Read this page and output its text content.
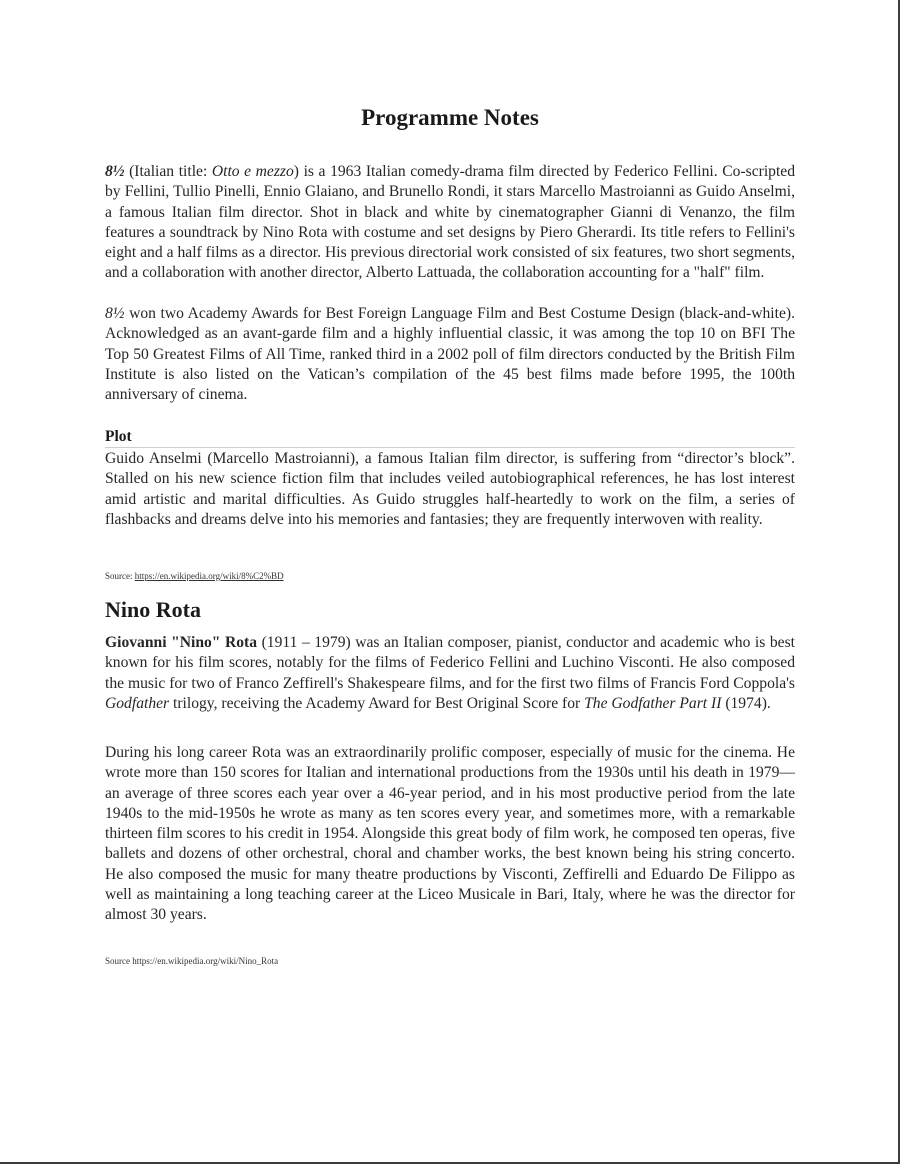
Programme Notes

8½ (Italian title: Otto e mezzo) is a 1963 Italian comedy-drama film directed by Federico Fellini. Co-scripted by Fellini, Tullio Pinelli, Ennio Glaiano, and Brunello Rondi, it stars Marcello Mastroianni as Guido Anselmi, a famous Italian film director. Shot in black and white by cinematographer Gianni di Venanzo, the film features a soundtrack by Nino Rota with costume and set designs by Piero Gherardi. Its title refers to Fellini's eight and a half films as a director. His previous directorial work consisted of six features, two short segments, and a collaboration with another director, Alberto Lattuada, the collaboration accounting for a "half" film.

8½ won two Academy Awards for Best Foreign Language Film and Best Costume Design (black-and-white). Acknowledged as an avant-garde film and a highly influential classic, it was among the top 10 on BFI The Top 50 Greatest Films of All Time, ranked third in a 2002 poll of film directors conducted by the British Film Institute is also listed on the Vatican’s compilation of the 45 best films made before 1995, the 100th anniversary of cinema.

Plot

Guido Anselmi (Marcello Mastroianni), a famous Italian film director, is suffering from “director’s block”. Stalled on his new science fiction film that includes veiled autobiographical references, he has lost interest amid artistic and marital difficulties. As Guido struggles half-heartedly to work on the film, a series of flashbacks and dreams delve into his memories and fantasies; they are frequently interwoven with reality.

Source: https://en.wikipedia.org/wiki/8%C2%BD

Nino Rota

Giovanni "Nino" Rota (1911 – 1979) was an Italian composer, pianist, conductor and academic who is best known for his film scores, notably for the films of Federico Fellini and Luchino Visconti. He also composed the music for two of Franco Zeffirell's Shakespeare films, and for the first two films of Francis Ford Coppola's Godfather trilogy, receiving the Academy Award for Best Original Score for The Godfather Part II (1974).

During his long career Rota was an extraordinarily prolific composer, especially of music for the cinema. He wrote more than 150 scores for Italian and international productions from the 1930s until his death in 1979—an average of three scores each year over a 46-year period, and in his most productive period from the late 1940s to the mid-1950s he wrote as many as ten scores every year, and sometimes more, with a remarkable thirteen film scores to his credit in 1954. Alongside this great body of film work, he composed ten operas, five ballets and dozens of other orchestral, choral and chamber works, the best known being his string concerto. He also composed the music for many theatre productions by Visconti, Zeffirelli and Eduardo De Filippo as well as maintaining a long teaching career at the Liceo Musicale in Bari, Italy, where he was the director for almost 30 years.

Source https://en.wikipedia.org/wiki/Nino_Rota
